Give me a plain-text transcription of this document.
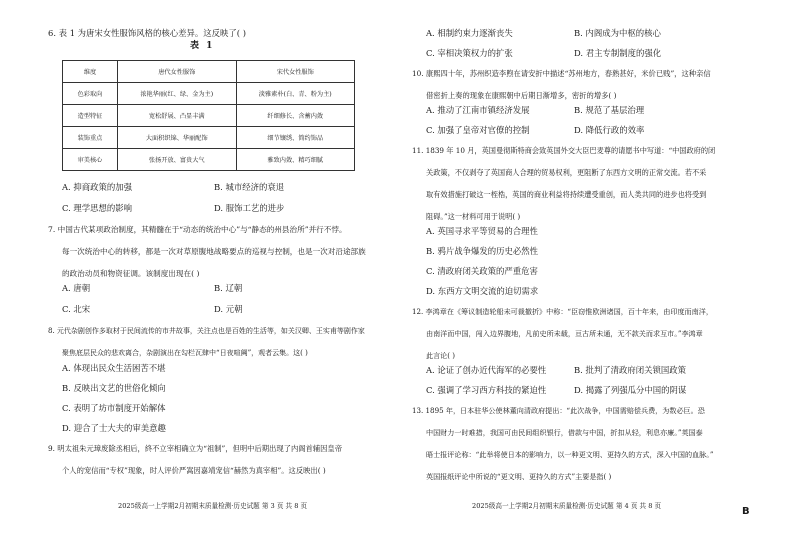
6. 表 1 为唐宋女性服饰风格的核心差异。这反映了( )
表 1
维度	唐代女性服饰	宋代女性服饰
色彩取向	浓艳华丽(红、绿、金为主)	淡雅素朴(白、青、粉为主)
造型特征	宽松舒展、凸显丰满	纤细修长、含蓄内敛
装饰重点	大面积织锦、华丽配饰	细节镶绣、简约饰品
审美核心	张扬开放、富贵大气	雅致内敛、精巧细腻
A. 抑商政策的加强	B. 城市经济的衰退
C. 理学思想的影响	D. 服饰工艺的进步
7. 中国古代某项政治制度，其精髓在于“动态的统治中心”与“静态的州县治所”并行不悖。
每一次统治中心的转移，都是一次对草原腹地战略要点的巡视与控制，也是一次对沿途部族
的政治动员和物资征调。该制度出现在( )
A. 唐朝	B. 辽朝
C. 北宋	D. 元朝
8. 元代杂剧创作多取材于民间流传的市井故事，关注点也是百姓的生活等，如关汉卿、王实甫等剧作家
聚焦底层民众的悲欢离合，杂剧演出在勾栏瓦肆中“日夜喧阗”，观者云集。这( )
A. 体现出民众生活困苦不堪
B. 反映出文艺的世俗化倾向
C. 表明了坊市制度开始解体
D. 迎合了士大夫的审美意趣
9. 明太祖朱元璋废除丞相后，終不立宰相确立为“祖制”，但明中后期出现了内阁首辅因皇帝
个人的宠信而“专权”现象，时人评价严嵩因嘉靖宠信“赫然为真宰相”。这反映出( )
2025级高一上学期2月初期末质量检测·历史试题 第 3 页 共 8 页
A. 相制约束力逐渐丧失	B. 内阁成为中枢的核心
C. 宰相决策权力的扩张	D. 君主专制制度的强化
10. 康熙四十年，苏州织造李煦在请安折中描述“苏州地方，春熟甚好，米价已贱”，这种亲信
借密折上奏的现象在康熙朝中后期日渐增多，密折的增多( )
A. 推动了江南市镇经济发展	B. 规范了基层治理
C. 加强了皇帝对官僚的控制	D. 降低行政的效率
11. 1839 年 10 月，英国曼彻斯特商会致英国外交大臣巴麦尊的请愿书中写道：“中国政府的闭
关政策，不仅剥夺了英国商人合理的贸易权利，更阻断了东西方文明的正常交流。若不采
取有效措施打破这一桎梏，英国的商业利益将持续遭受重创，而人类共同的进步也将受到
阻碍。”这一材料可用于说明( )
A. 英国寻求平等贸易的合理性
B. 鸦片战争爆发的历史必然性
C. 清政府闭关政策的严重危害
D. 东西方文明交流的迫切需求
12. 李鸿章在《筹议制造轮船未可裁撤折》中称：“臣窃惟欧洲诸国，百十年来，由印度而南洋，
由南洋而中国，闯入边界腹地，凡前史所未载，亘古所未通，无不款关而求互市。”李鸿章
此言论( )
A. 论证了创办近代海军的必要性	B. 批判了清政府闭关锁国政策
C. 强调了学习西方科技的紧迫性	D. 揭露了列强瓜分中国的阴谋
13. 1895 年，日本驻华公使林董向清政府提出：“此次战争，中国需赔偿兵费，为数必巨。恐
中国财力一时难措，我国可由民间组织银行，借款与中国，折扣从轻，利息亦廉。”英国泰
晤士报评论称：“此举将使日本的影响力，以一种更文明、更持久的方式，深入中国的血脉。”
英国报纸评论中所说的“更文明、更持久的方式”主要是指( )
2025级高一上学期2月初期末质量检测·历史试题 第 4 页 共 8 页	B
